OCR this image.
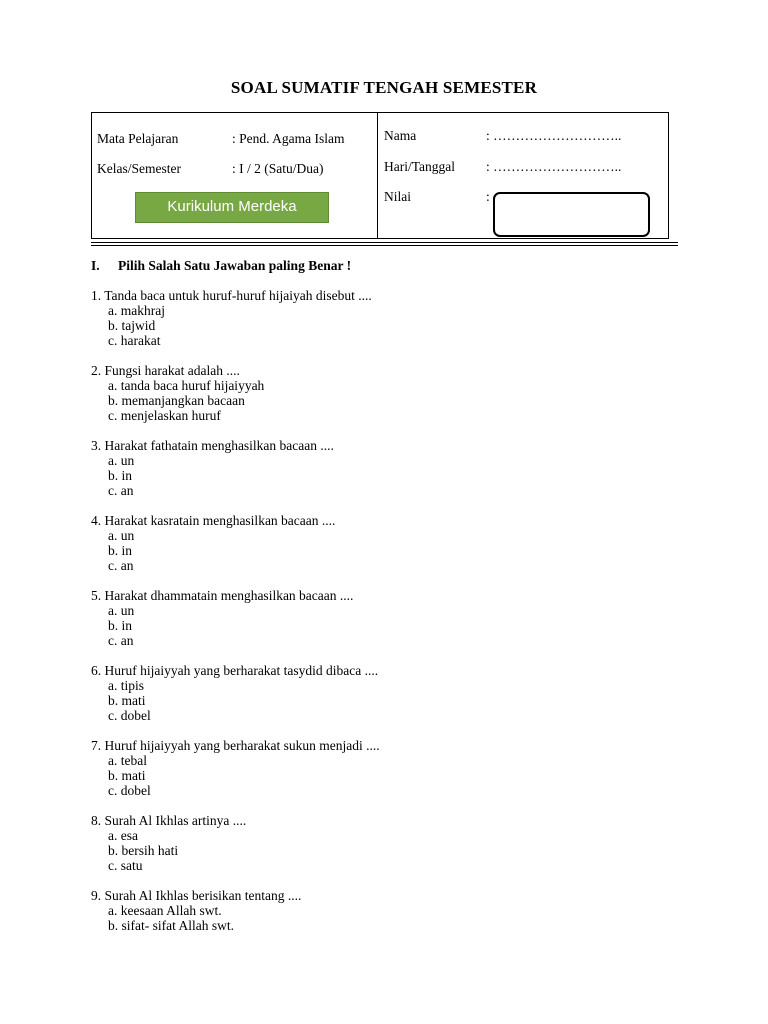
SOAL SUMATIF TENGAH SEMESTER
Mata Pelajaran	: Pend. Agama Islam
Kelas/Semester	: I / 2 (Satu/Dua)
Kurikulum Merdeka
Nama	: ………………………..
Hari/Tanggal : ………………………..
Nilai	:
I. Pilih Salah Satu Jawaban paling Benar !
1. Tanda baca untuk huruf-huruf hijaiyah disebut ....
a. makhraj
b. tajwid
c. harakat
2. Fungsi harakat adalah ....
a. tanda baca huruf hijaiyyah
b. memanjangkan bacaan
c. menjelaskan huruf
3. Harakat fathatain menghasilkan bacaan ....
a. un
b. in
c. an
4. Harakat kasratain menghasilkan bacaan ....
a. un
b. in
c. an
5. Harakat dhammatain menghasilkan bacaan ....
a. un
b. in
c. an
6. Huruf hijaiyyah yang berharakat tasydid dibaca ....
a. tipis
b. mati
c. dobel
7. Huruf hijaiyyah yang berharakat sukun menjadi ....
a. tebal
b. mati
c. dobel
8. Surah Al Ikhlas artinya ....
a. esa
b. bersih hati
c. satu
9. Surah Al Ikhlas berisikan tentang ....
a. keesaan Allah swt.
b. sifat- sifat Allah swt.
